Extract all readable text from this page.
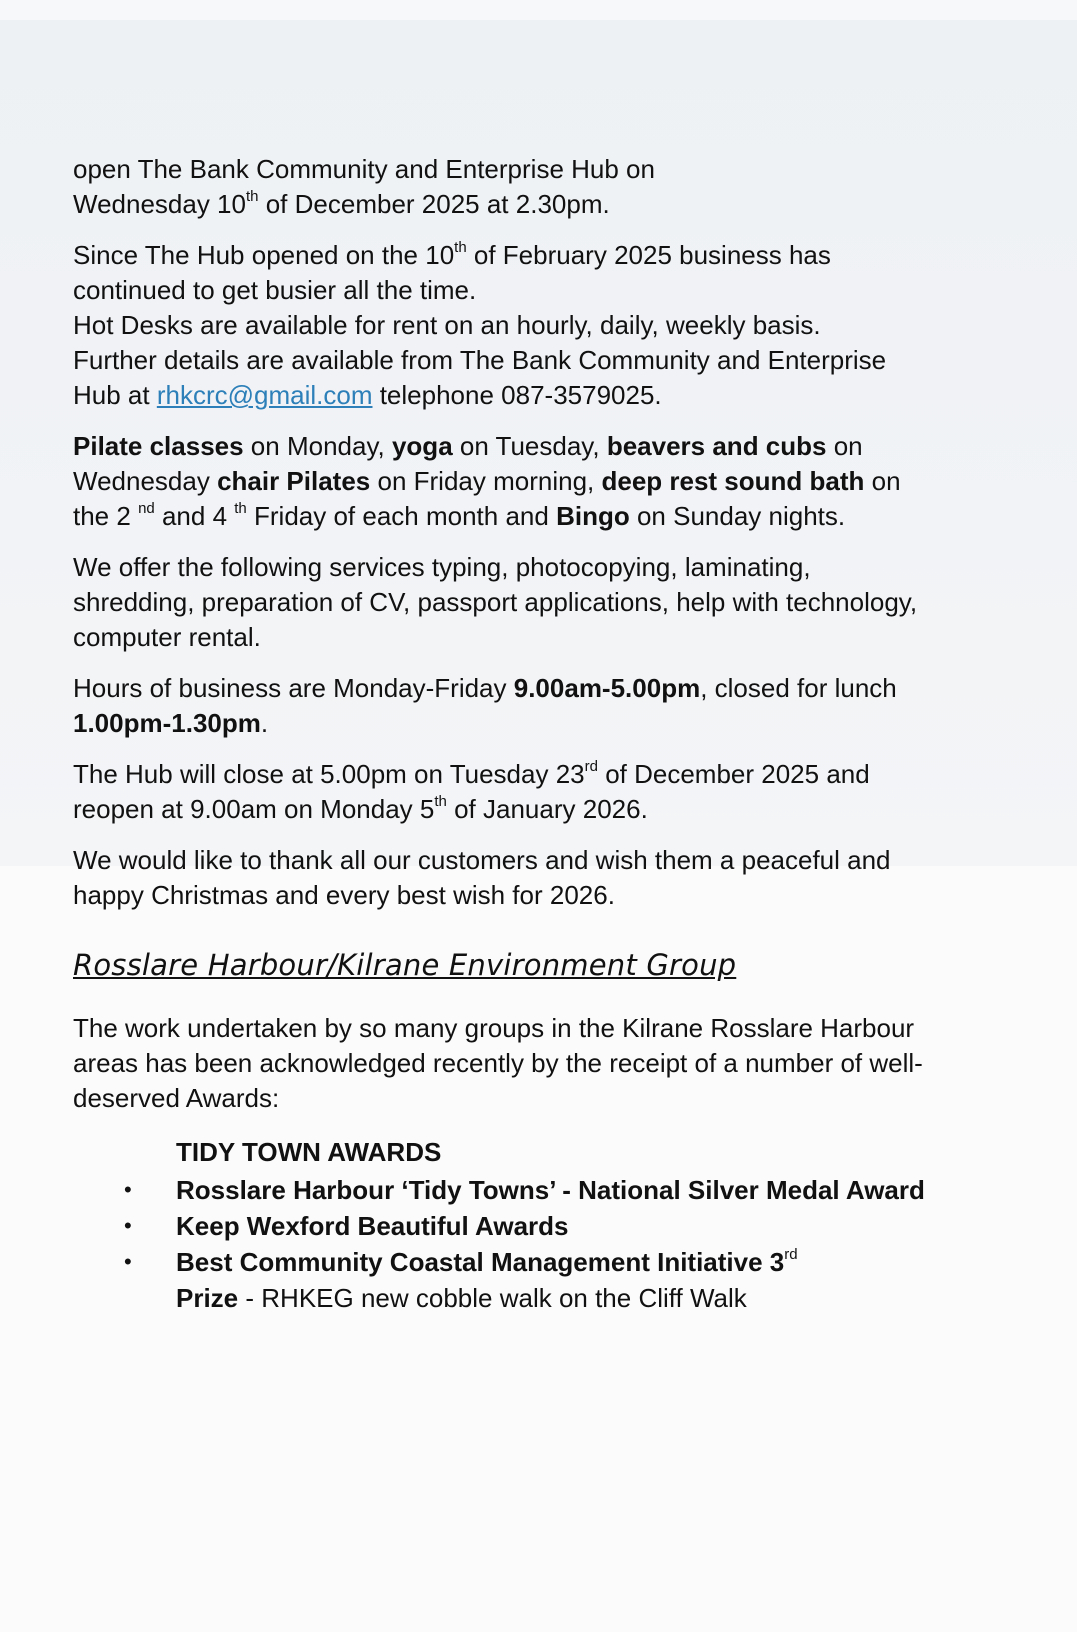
open The Bank Community and Enterprise Hub on
Wednesday 10th of December 2025 at 2.30pm.

Since The Hub opened on the 10th of February 2025 business has continued to get busier all the time.

Hot Desks are available for rent on an hourly, daily, weekly basis.

Further details are available from The Bank Community and Enterprise Hub at rhkcrc@gmail.com telephone 087-3579025.

Pilate classes on Monday, yoga on Tuesday, beavers and cubs on Wednesday chair Pilates on Friday morning, deep rest sound bath on the 2 $^{nd}$ and 4 $^{th}$ Friday of each month and Bingo on Sunday nights.

We offer the following services typing, photocopying, laminating, shredding, preparation of CV, passport applications, help with technology, computer rental.

Hours of business are Monday-Friday 9.00am-5.00pm, closed for lunch 1.00pm-1.30pm.

The Hub will close at 5.00pm on Tuesday 23rd of December 2025 and reopen at 9.00am on Monday 5th of January 2026.

We would like to thank all our customers and wish them a peaceful and happy Christmas and every best wish for 2026.

Rosslare Harbour/Kilrane Environment Group

The work undertaken by so many groups in the Kilrane Rosslare Harbour areas has been acknowledged recently by the receipt of a number of well-deserved Awards:

TIDY TOWN AWARDS
• Rosslare Harbour ‘Tidy Towns’ - National Silver Medal Award
• Keep Wexford Beautiful Awards
• Best Community Coastal Management Initiative 3rd
Prize - RHKEG new cobble walk on the Cliff Walk
